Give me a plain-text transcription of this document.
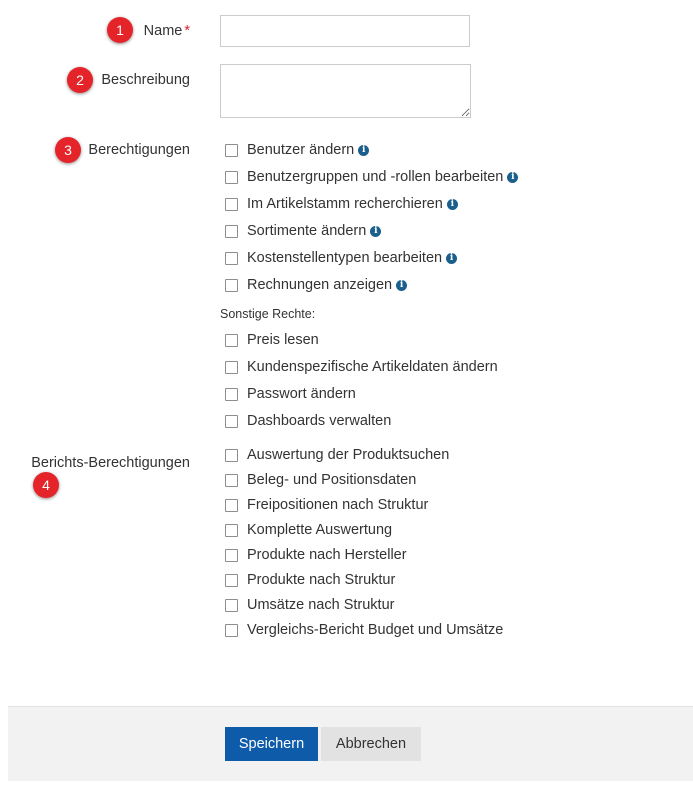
1	Name *
2	Beschreibung
3	Berechtigungen	Benutzer ändern i
Benutzergruppen und -rollen bearbeiten i
Im Artikelstamm recherchieren i
Sortimente ändern i
Kostenstellentypen bearbeiten i
Rechnungen anzeigen i
Sonstige Rechte:
Preis lesen
Kundenspezifische Artikeldaten ändern
Passwort ändern
Dashboards verwalten
Berichts-Berechtigungen
4
Auswertung der Produktsuchen
Beleg- und Positionsdaten
Freipositionen nach Struktur
Komplette Auswertung
Produkte nach Hersteller
Produkte nach Struktur
Umsätze nach Struktur
Vergleichs-Bericht Budget und Umsätze
Speichern	Abbrechen
